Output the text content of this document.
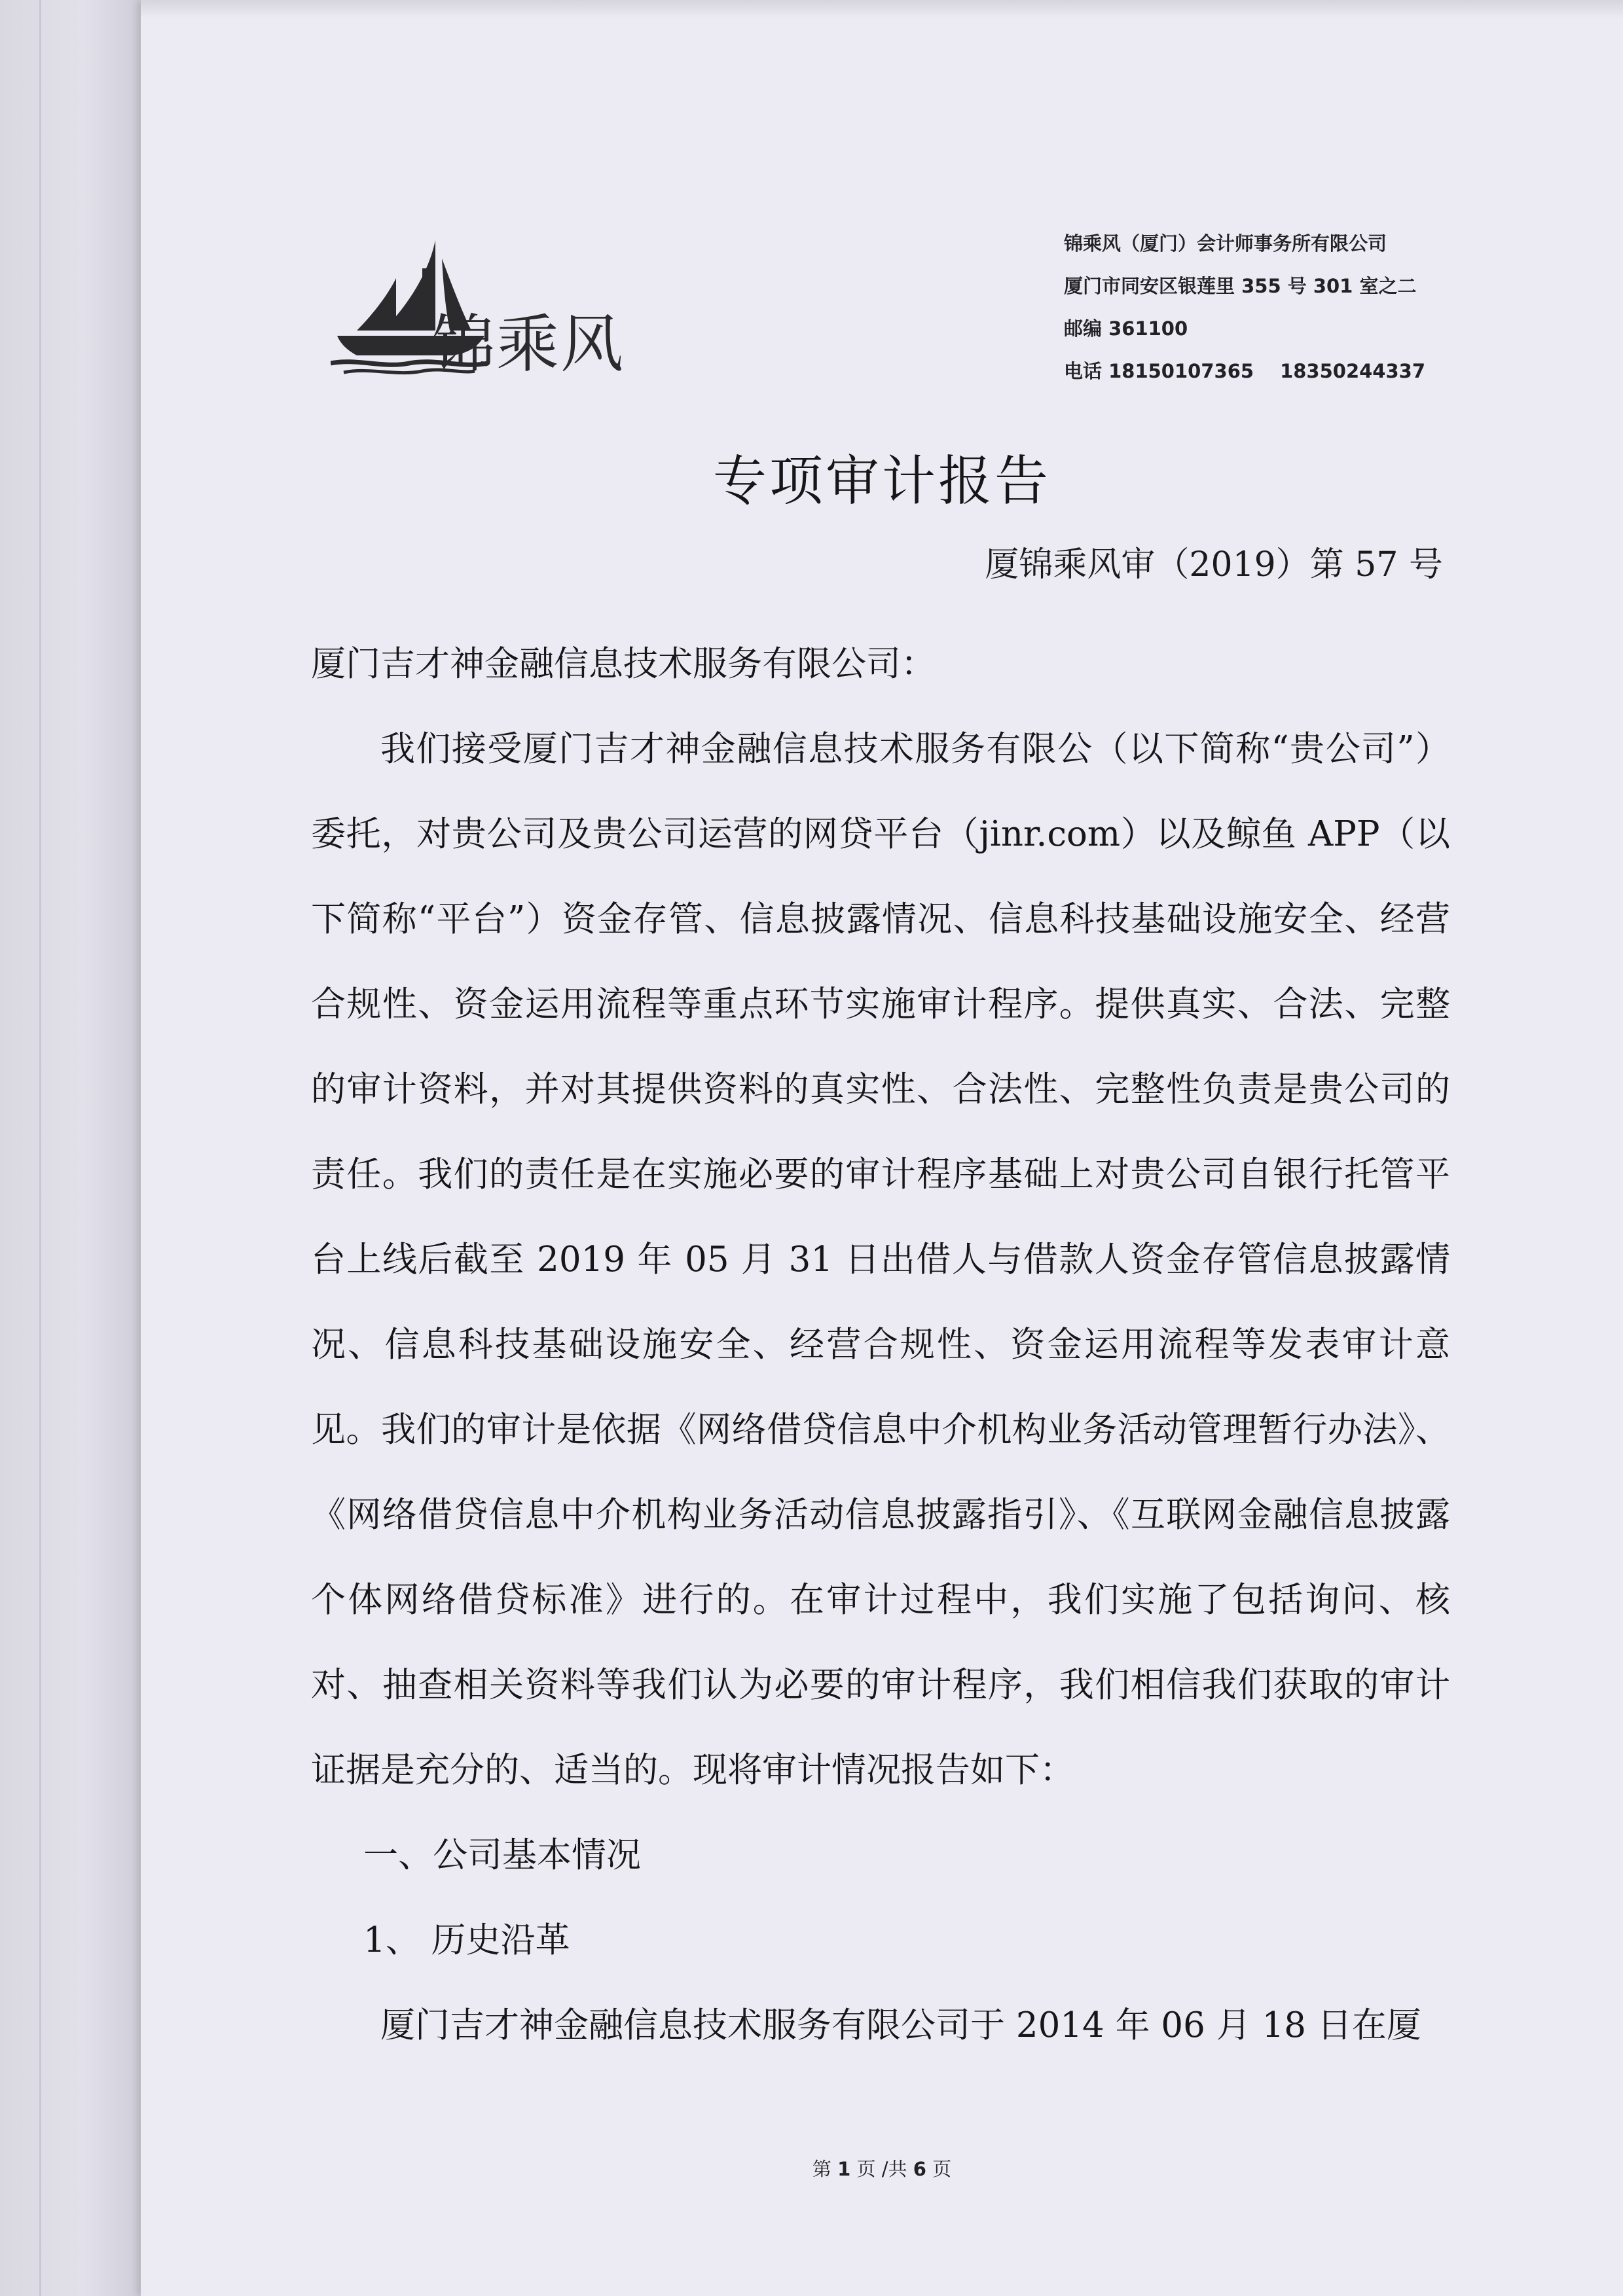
锦乘风
锦乘风（厦门）会计师事务所有限公司
厦门市同安区银莲里 355 号 301 室之二
邮编 361100
电话 18150107365 18350244337
专项审计报告
厦锦乘风审（2019）第 57 号

厦门吉才神金融信息技术服务有限公司：

我们接受厦门吉才神金融信息技术服务有限公（以下简称“贵公司”）委托，对贵公司及贵公司运营的网贷平台（jinr.com）以及鲸鱼 APP（以下简称“平台”）资金存管、信息披露情况、信息科技基础设施安全、经营合规性、资金运用流程等重点环节实施审计程序。提供真实、合法、完整的审计资料，并对其提供资料的真实性、合法性、完整性负责是贵公司的责任。我们的责任是在实施必要的审计程序基础上对贵公司自银行托管平台上线后截至 2019 年 05 月 31 日出借人与借款人资金存管信息披露情况、信息科技基础设施安全、经营合规性、资金运用流程等发表审计意见。我们的审计是依据《网络借贷信息中介机构业务活动管理暂行办法》、《网络借贷信息中介机构业务活动信息披露指引》、《互联网金融信息披露个体网络借贷标准》进行的。在审计过程中，我们实施了包括询问、核对、抽查相关资料等我们认为必要的审计程序，我们相信我们获取的审计证据是充分的、适当的。现将审计情况报告如下：

一、公司基本情况

1、 历史沿革

厦门吉才神金融信息技术服务有限公司于 2014 年 06 月 18 日在厦

第 1 页 /共 6 页
